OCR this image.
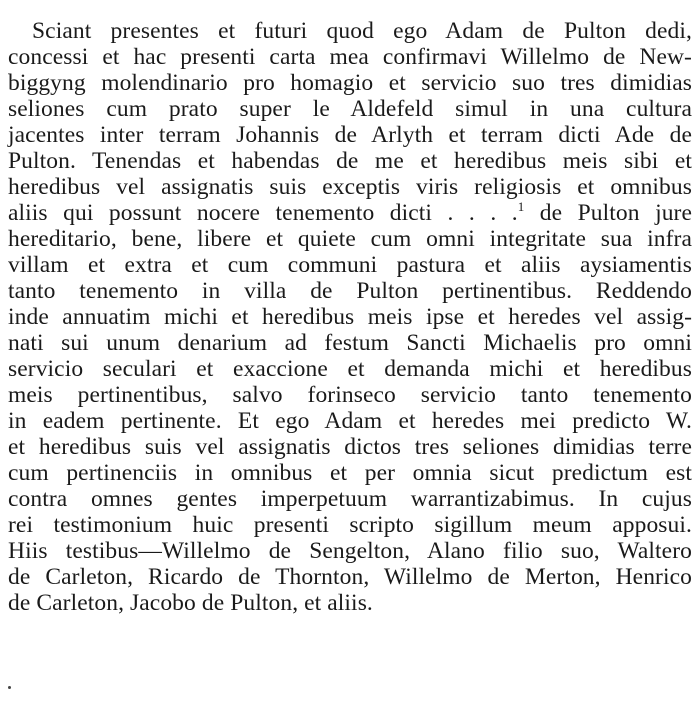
Sciant presentes et futuri quod ego Adam de Pulton dedi,
concessi et hac presenti carta mea confirmavi Willelmo de New-
biggyng molendinario pro homagio et servicio suo tres dimidias
seliones cum prato super le Aldefeld simul in una cultura
jacentes inter terram Johannis de Arlyth et terram dicti Ade de
Pulton. Tenendas et habendas de me et heredibus meis sibi et
heredibus vel assignatis suis exceptis viris religiosis et omnibus
aliis qui possunt nocere tenemento dicti . . . .$^1$ de Pulton jure
hereditario, bene, libere et quiete cum omni integritate sua infra
villam et extra et cum communi pastura et aliis aysiamentis
tanto tenemento in villa de Pulton pertinentibus. Reddendo
inde annuatim michi et heredibus meis ipse et heredes vel assig-
nati sui unum denarium ad festum Sancti Michaelis pro omni
servicio seculari et exaccione et demanda michi et heredibus
meis pertinentibus, salvo forinseco servicio tanto tenemento
in eadem pertinente. Et ego Adam et heredes mei predicto W.
et heredibus suis vel assignatis dictos tres seliones dimidias terre
cum pertinenciis in omnibus et per omnia sicut predictum est
contra omnes gentes imperpetuum warrantizabimus. In cujus
rei testimonium huic presenti scripto sigillum meum apposui.
Hiis testibus—Willelmo de Sengelton, Alano filio suo, Waltero
de Carleton, Ricardo de Thornton, Willelmo de Merton, Henrico
de Carleton, Jacobo de Pulton, et aliis.
